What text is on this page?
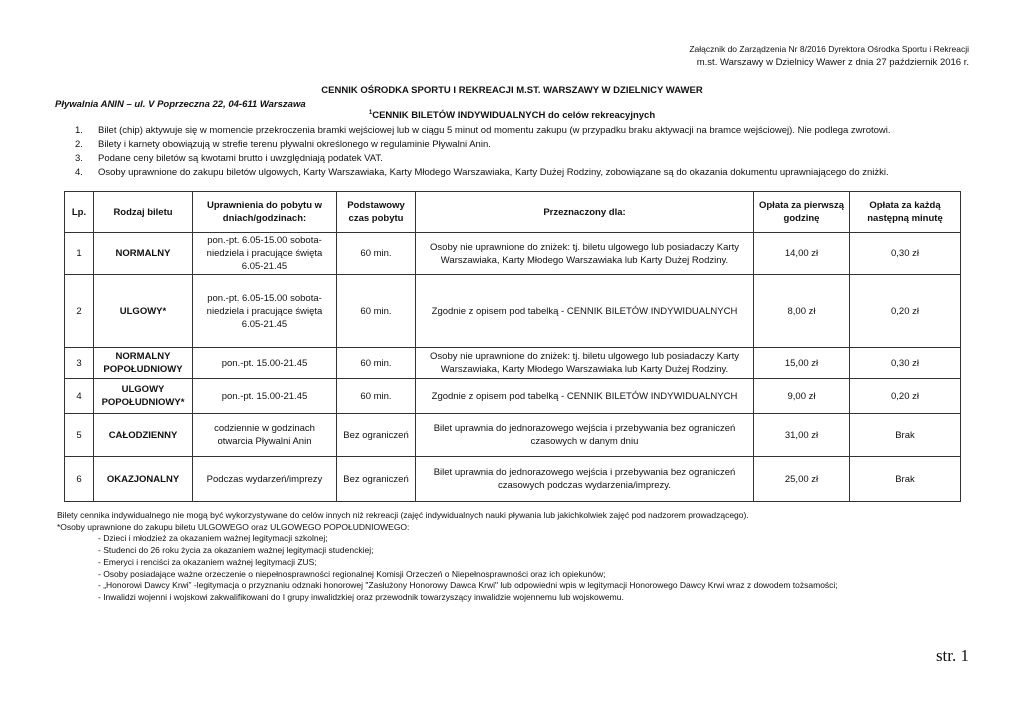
Załącznik do Zarządzenia Nr 8/2016 Dyrektora Ośrodka Sportu i Rekreacji
m.st. Warszawy w Dzielnicy Wawer z dnia 27 październik 2016 r.
CENNIK OŚRODKA SPORTU I REKREACJI M.ST. WARSZAWY W DZIELNICY WAWER
Pływalnia ANIN – ul. V Poprzeczna 22, 04-611 Warszawa
$^1$CENNIK BILETÓW INDYWIDUALNYCH do celów rekreacyjnych
1. Bilet (chip) aktywuje się w momencie przekroczenia bramki wejściowej lub w ciągu 5 minut od momentu zakupu (w przypadku braku aktywacji na bramce wejściowej). Nie podlega zwrotowi.
2. Bilety i karnety obowiązują w strefie terenu pływalni określonego w regulaminie Pływalni Anin.
3. Podane ceny biletów są kwotami brutto i uwzględniają podatek VAT.
4. Osoby uprawnione do zakupu biletów ulgowych, Karty Warszawiaka, Karty Młodego Warszawiaka, Karty Dużej Rodziny, zobowiązane są do okazania dokumentu uprawniającego do zniżki.
Lp.	Rodzaj biletu	Uprawnienia do pobytu w dniach/godzinach:	Podstawowy czas pobytu	Przeznaczony dla:	Opłata za pierwszą godzinę	Opłata za każdą następną minutę
1	NORMALNY	pon.-pt. 6.05-15.00 sobota-niedziela i pracujące święta 6.05-21.45	60 min.	Osoby nie uprawnione do zniżek: tj. biletu ulgowego lub posiadaczy Karty Warszawiaka, Karty Młodego Warszawiaka lub Karty Dużej Rodziny.	14,00 zł	0,30 zł
2	ULGOWY*	pon.-pt. 6.05-15.00 sobota-niedziela i pracujące święta 6.05-21.45	60 min.	Zgodnie z opisem pod tabelką - CENNIK BILETÓW INDYWIDUALNYCH	8,00 zł	0,20 zł
3	NORMALNY POPOŁUDNIOWY	pon.-pt. 15.00-21.45	60 min.	Osoby nie uprawnione do zniżek: tj. biletu ulgowego lub posiadaczy Karty Warszawiaka, Karty Młodego Warszawiaka lub Karty Dużej Rodziny.	15,00 zł	0,30 zł
4	ULGOWY POPOŁUDNIOWY*	pon.-pt. 15.00-21.45	60 min.	Zgodnie z opisem pod tabelką - CENNIK BILETÓW INDYWIDUALNYCH	9,00 zł	0,20 zł
5	CAŁODZIENNY	codziennie w godzinach otwarcia Pływalni Anin	Bez ograniczeń	Bilet uprawnia do jednorazowego wejścia i przebywania bez ograniczeń czasowych w danym dniu	31,00 zł	Brak
6	OKAZJONALNY	Podczas wydarzeń/imprezy	Bez ograniczeń	Bilet uprawnia do jednorazowego wejścia i przebywania bez ograniczeń czasowych podczas wydarzenia/imprezy.	25,00 zł	Brak
Bilety cennika indywidualnego nie mogą być wykorzystywane do celów innych niż rekreacji (zajęć indywidualnych nauki pływania lub jakichkolwiek zajęć pod nadzorem prowadzącego).
*Osoby uprawnione do zakupu biletu ULGOWEGO oraz ULGOWEGO POPOŁUDNIOWEGO:
- Dzieci i młodzież za okazaniem ważnej legitymacji szkolnej;
- Studenci do 26 roku życia za okazaniem ważnej legitymacji studenckiej;
- Emeryci i renciści za okazaniem ważnej legitymacji ZUS;
- Osoby posiadające ważne orzeczenie o niepełnosprawności regionalnej Komisji Orzeczeń o Niepełnosprawności oraz ich opiekunów;
- „Honorowi Dawcy Krwi” -legitymacja o przyznaniu odznaki honorowej "Zasłużony Honorowy Dawca Krwi" lub odpowiedni wpis w legitymacji Honorowego Dawcy Krwi wraz z dowodem tożsamości;
- Inwalidzi wojenni i wojskowi zakwalifikowani do I grupy inwalidzkiej oraz przewodnik towarzyszący inwalidzie wojennemu lub wojskowemu.
str. 1
